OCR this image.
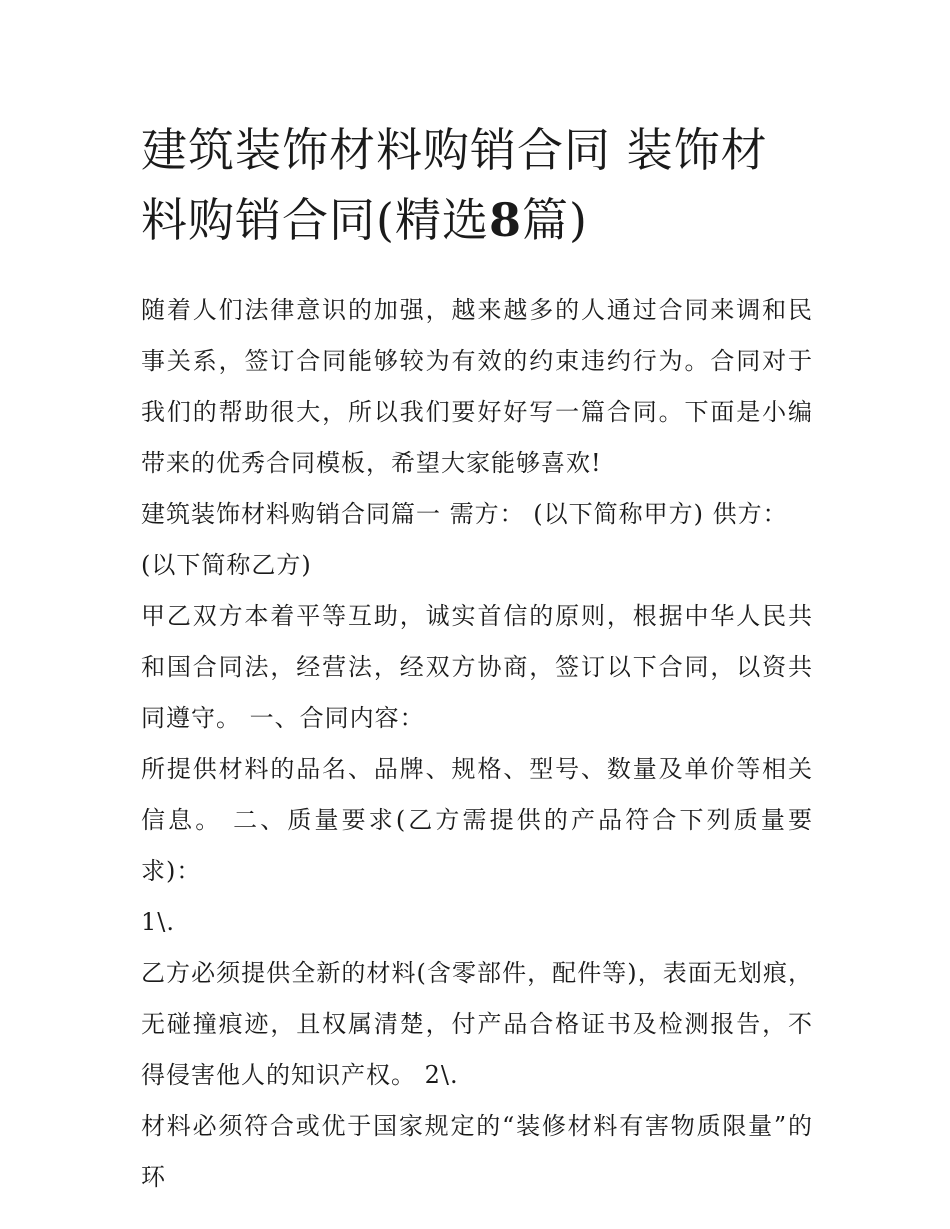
建筑装饰材料购销合同 装饰材料购销合同(精选8篇)

随着人们法律意识的加强，越来越多的人通过合同来调和民事关系，签订合同能够较为有效的约束违约行为。合同对于我们的帮助很大，所以我们要好好写一篇合同。下面是小编带来的优秀合同模板，希望大家能够喜欢!

建筑装饰材料购销合同篇一 需方： (以下简称甲方) 供方：

(以下简称乙方)

甲乙双方本着平等互助，诚实首信的原则，根据中华人民共和国合同法，经营法，经双方协商，签订以下合同，以资共同遵守。 一、合同内容：

所提供材料的品名、品牌、规格、型号、数量及单价等相关信息。 二、质量要求(乙方需提供的产品符合下列质量要求)：

1\.

乙方必须提供全新的材料(含零部件，配件等)，表面无划痕，无碰撞痕迹，且权属清楚，付产品合格证书及检测报告，不得侵害他人的知识产权。 2\.

材料必须符合或优于国家规定的“装修材料有害物质限量”的环
